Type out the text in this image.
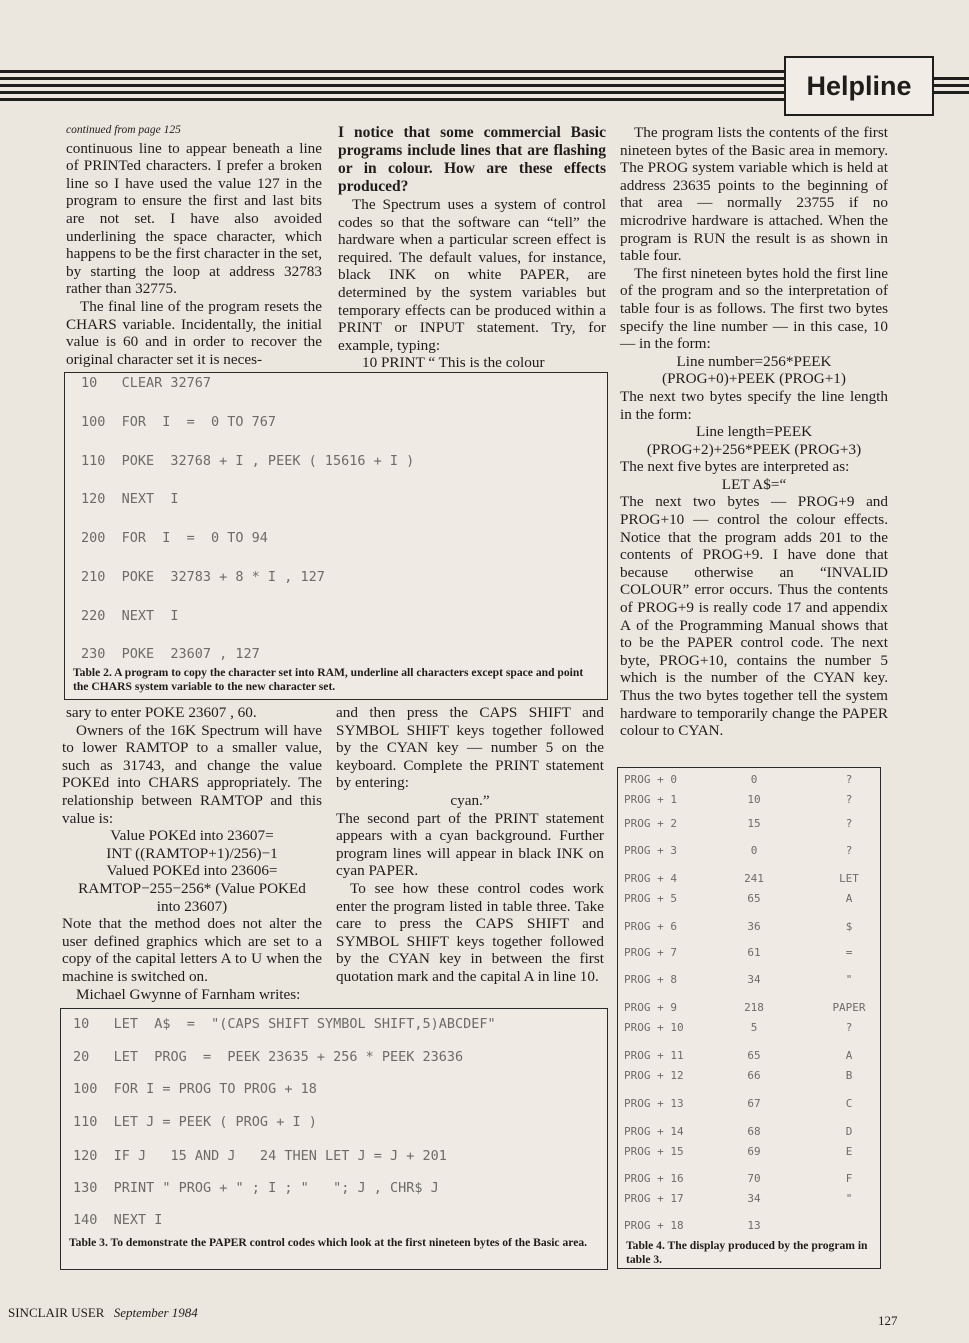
Helpline

continued from page 125

continuous line to appear beneath a line of PRINTed characters. I prefer a broken line so I have used the value 127 in the program to ensure the first and last bits are not set. I have also avoided underlining the space character, which happens to be the first character in the set, by starting the loop at address 32783 rather than 32775.

The final line of the program resets the CHARS variable. Incidentally, the initial value is 60 and in order to recover the original character set it is neces-

I notice that some commercial Basic programs include lines that are flashing or in colour. How are these effects produced?

The Spectrum uses a system of control codes so that the software can “tell” the hardware when a particular screen effect is required. The default values, for instance, black INK on white PAPER, are determined by the system variables but temporary effects can be produced within a PRINT or INPUT statement. Try, for example, typing:

10 PRINT “ This is the colour

The program lists the contents of the first nineteen bytes of the Basic area in memory. The PROG system variable which is held at address 23635 points to the beginning of that area — normally 23755 if no microdrive hardware is attached. When the program is RUN the result is as shown in table four.

The first nineteen bytes hold the first line of the program and so the interpretation of table four is as follows. The first two bytes specify the line number — in this case, 10 — in the form:

Line number=256*PEEK

(PROG+0)+PEEK (PROG+1)

The next two bytes specify the line length in the form:

Line length=PEEK

(PROG+2)+256*PEEK (PROG+3)

The next five bytes are interpreted as:

LET A$=“

The next two bytes — PROG+9 and PROG+10 — control the colour effects. Notice that the program adds 201 to the contents of PROG+9. I have done that because otherwise an “INVALID COLOUR” error occurs. Thus the contents of PROG+9 is really code 17 and appendix A of the Programming Manual shows that to be the PAPER control code. The next byte, PROG+10, contains the number 5 which is the number of the CYAN key. Thus the two bytes together tell the system hardware to temporarily change the PAPER colour to CYAN.

10   CLEAR 32767
100  FOR  I  =  0 TO 767
110  POKE  32768 + I , PEEK ( 15616 + I )
120  NEXT  I
200  FOR  I  =  0 TO 94
210  POKE  32783 + 8 * I , 127
220  NEXT  I
230  POKE  23607 , 127
Table 2. A program to copy the character set into RAM, underline all characters except space and point the CHARS system variable to the new character set.

sary to enter POKE 23607 , 60.

Owners of the 16K Spectrum will have to lower RAMTOP to a smaller value, such as 31743, and change the value POKEd into CHARS appropriately. The relationship between RAMTOP and this value is:

Value POKEd into 23607=

INT ((RAMTOP+1)/256)−1

Valued POKEd into 23606=

RAMTOP−255−256* (Value POKEd

into 23607)

Note that the method does not alter the user defined graphics which are set to a copy of the capital letters A to U when the machine is switched on.

Michael Gwynne of Farnham writes:

and then press the CAPS SHIFT and SYMBOL SHIFT keys together followed by the CYAN key — number 5 on the keyboard. Complete the PRINT statement by entering:

cyan.”

The second part of the PRINT statement appears with a cyan background. Further program lines will appear in black INK on cyan PAPER.

To see how these control codes work enter the program listed in table three. Take care to press the CAPS SHIFT and SYMBOL SHIFT keys together followed by the CYAN key in between the first quotation mark and the capital A in line 10.

10   LET  A$  =  "(CAPS SHIFT SYMBOL SHIFT,5)ABCDEF"
20   LET  PROG  =  PEEK 23635 + 256 * PEEK 23636
100  FOR I = PROG TO PROG + 18
110  LET J = PEEK ( PROG + I )
120  IF J   15 AND J   24 THEN LET J = J + 201
130  PRINT " PROG + " ; I ; "   "; J , CHR$ J
140  NEXT I
Table 3. To demonstrate the PAPER control codes which look at the first nineteen bytes of the Basic area.
PROG + 0	0	?
PROG + 1	10	?
PROG + 2	15	?
PROG + 3	0	?
PROG + 4	241	LET
PROG + 5	65	A
PROG + 6	36	$
PROG + 7	61	=
PROG + 8	34	"
PROG + 9	218	PAPER
PROG + 10	5	?
PROG + 11	65	A
PROG + 12	66	B
PROG + 13	67	C
PROG + 14	68	D
PROG + 15	69	E
PROG + 16	70	F
PROG + 17	34	"
PROG + 18	13
Table 4. The display produced by the program in table 3.
SINCLAIR USER September 1984
127
